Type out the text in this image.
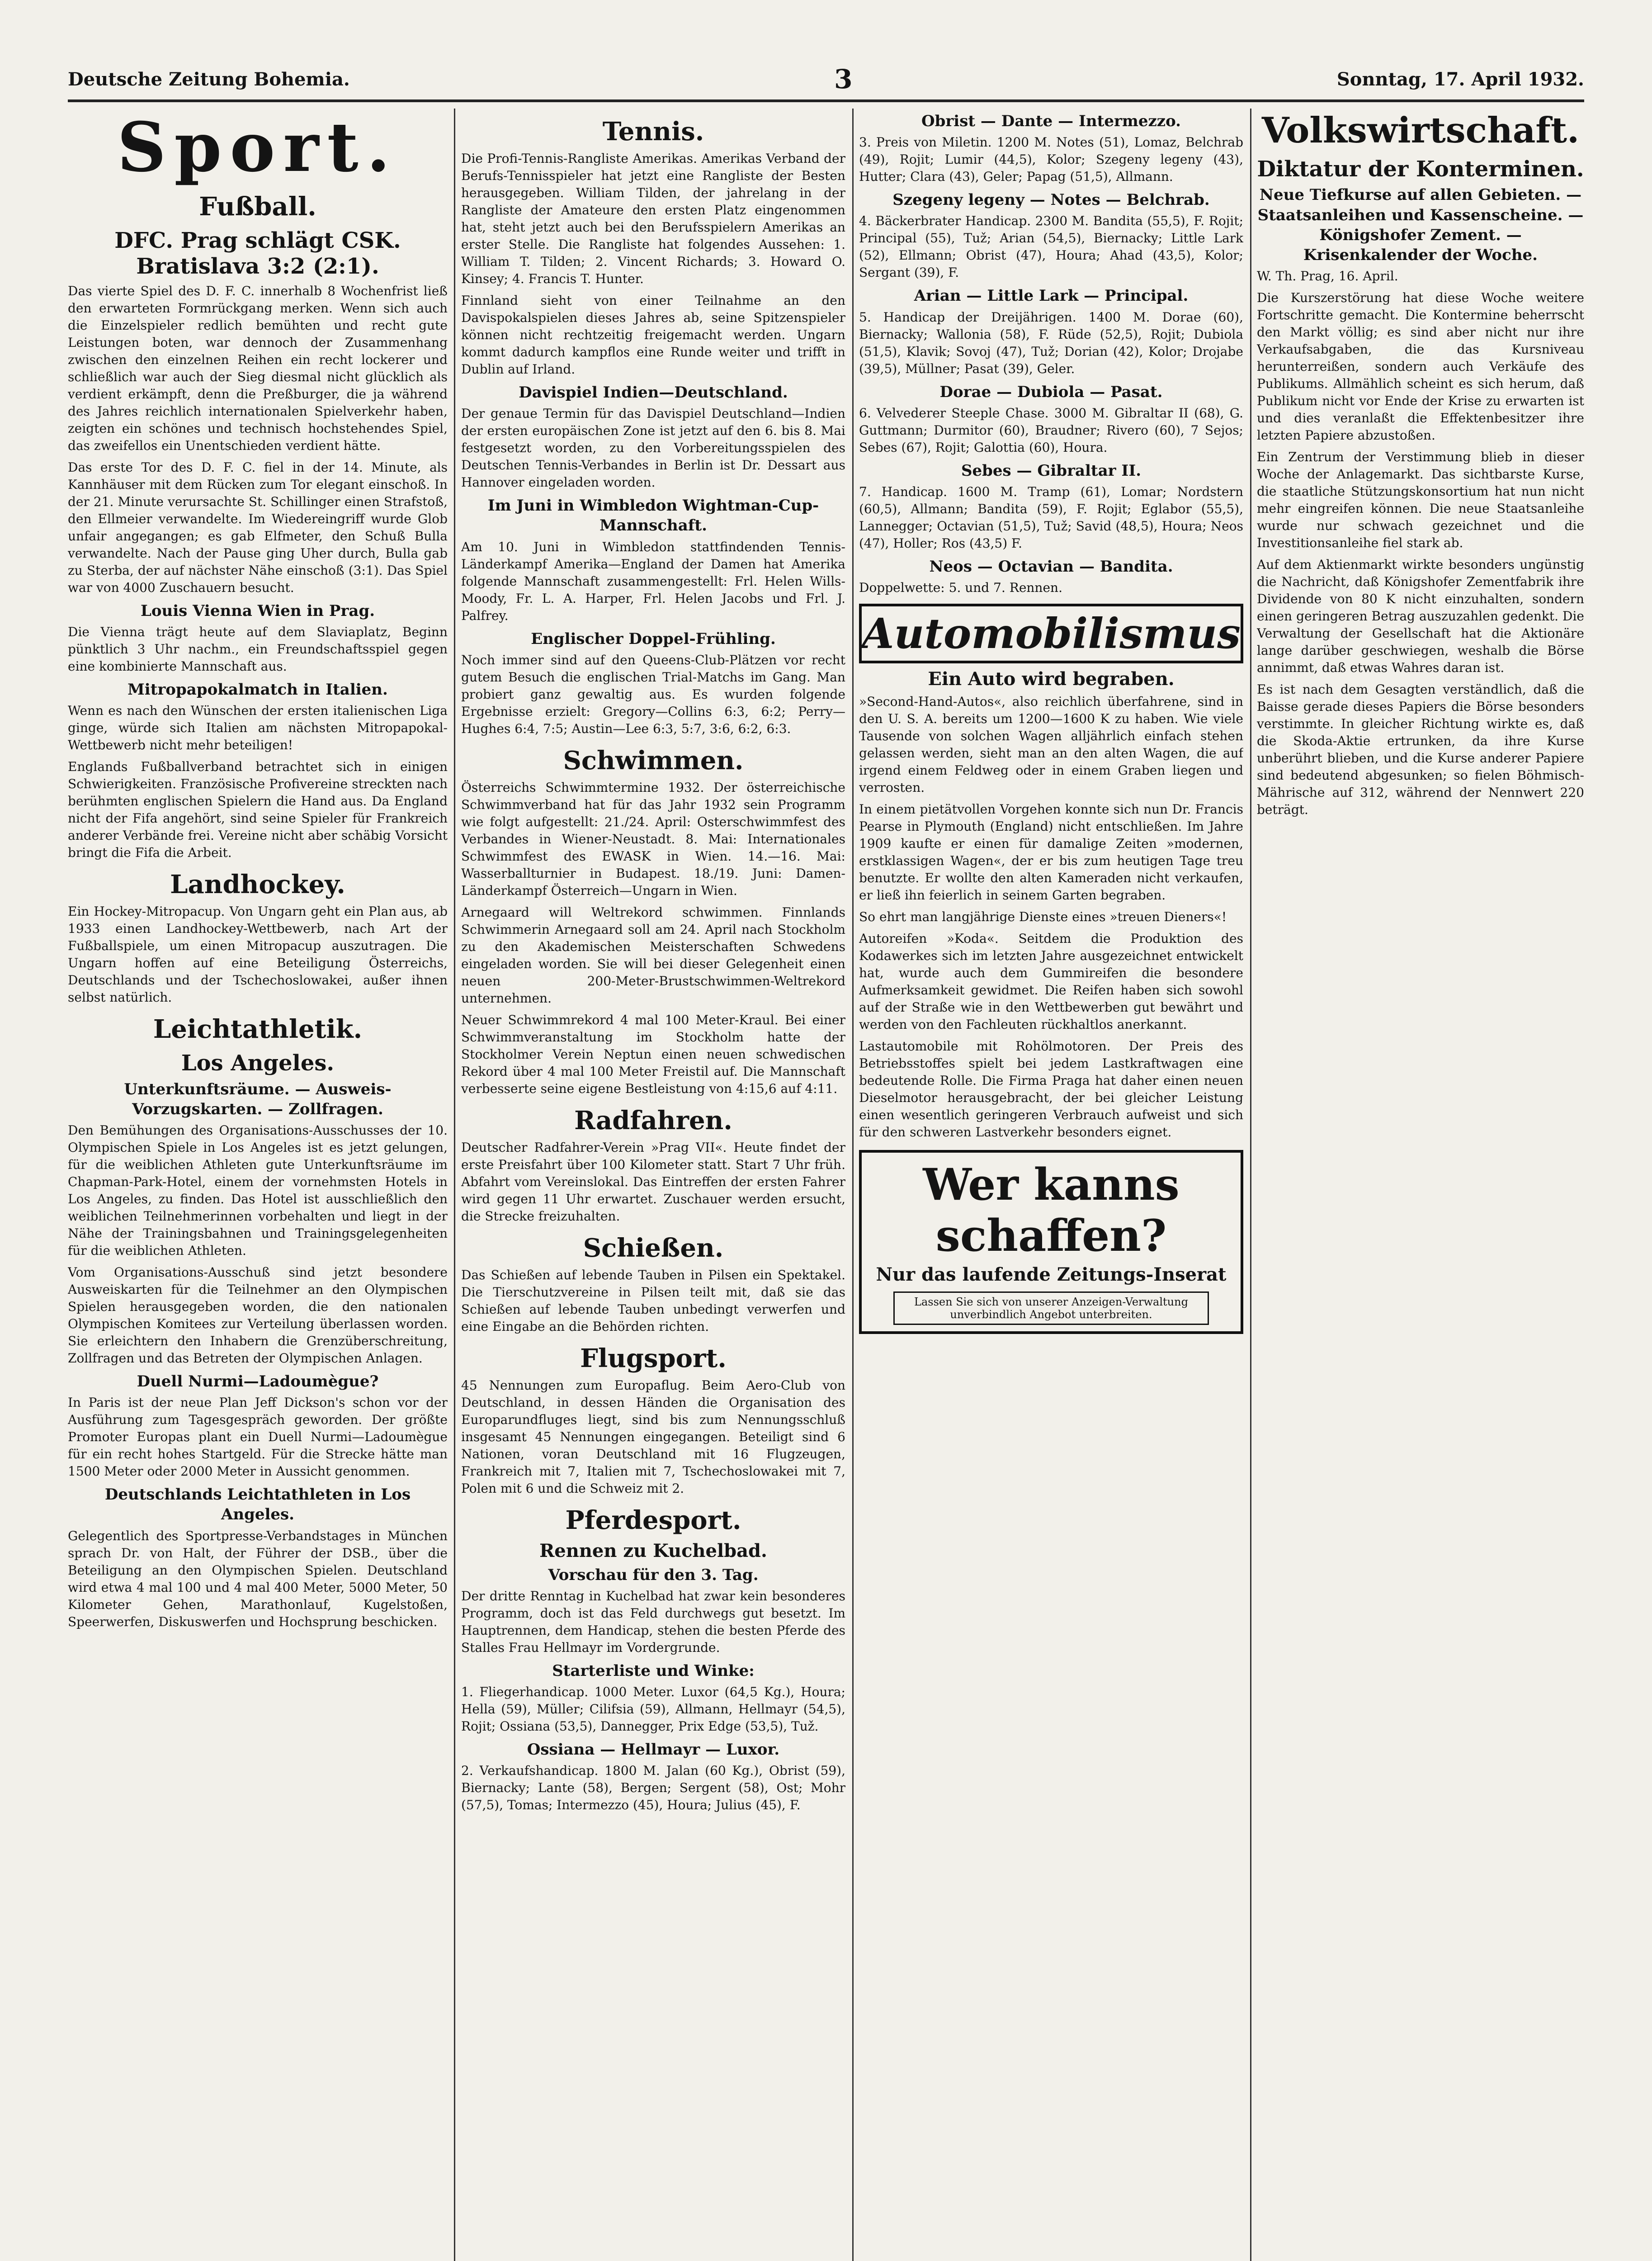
Deutsche Zeitung Bohemia.	3	Sonntag, 17. April 1932.
Sport.
Fußball.
DFC. Prag schlägt CSK. Bratislava 3:2 (2:1).

Das vierte Spiel des D. F. C. innerhalb 8 Wochenfrist ließ den erwarteten Formrückgang merken. Wenn sich auch die Einzelspieler redlich bemühten und recht gute Leistungen boten, war dennoch der Zusammenhang zwischen den einzelnen Reihen ein recht lockerer und schließlich war auch der Sieg diesmal nicht glücklich als verdient erkämpft, denn die Preßburger, die ja während des Jahres reichlich internationalen Spielverkehr haben, zeigten ein schönes und technisch hochstehendes Spiel, das zweifellos ein Unentschieden verdient hätte.

Das erste Tor des D. F. C. fiel in der 14. Minute, als Kannhäuser mit dem Rücken zum Tor elegant einschoß. In der 21. Minute verursachte St. Schillinger einen Strafstoß, den Ellmeier verwandelte. Im Wiedereingriff wurde Glob unfair angegangen; es gab Elfmeter, den Schuß Bulla verwandelte. Nach der Pause ging Uher durch, Bulla gab zu Sterba, der auf nächster Nähe einschoß (3:1). Das Spiel war von 4000 Zuschauern besucht.

Louis Vienna Wien in Prag.

Die Vienna trägt heute auf dem Slaviaplatz, Beginn pünktlich 3 Uhr nachm., ein Freundschaftsspiel gegen eine kombinierte Mannschaft aus.

Mitropapokalmatch in Italien.

Wenn es nach den Wünschen der ersten italienischen Liga ginge, würde sich Italien am nächsten Mitropapokal-Wettbewerb nicht mehr beteiligen!

Englands Fußballverband betrachtet sich in einigen Schwierigkeiten. Französische Profivereine streckten nach berühmten englischen Spielern die Hand aus. Da England nicht der Fifa angehört, sind seine Spieler für Frankreich anderer Verbände frei. Vereine nicht aber schäbig Vorsicht bringt die Fifa die Arbeit.

Landhockey.

Ein Hockey-Mitropacup. Von Ungarn geht ein Plan aus, ab 1933 einen Landhockey-Wettbewerb, nach Art der Fußballspiele, um einen Mitropacup auszutragen. Die Ungarn hoffen auf eine Beteiligung Österreichs, Deutschlands und der Tschechoslowakei, außer ihnen selbst natürlich.

Leichtathletik.
Los Angeles.
Unterkunftsräume. — Ausweis-Vorzugskarten. — Zollfragen.

Den Bemühungen des Organisations-Ausschusses der 10. Olympischen Spiele in Los Angeles ist es jetzt gelungen, für die weiblichen Athleten gute Unterkunftsräume im Chapman-Park-Hotel, einem der vornehmsten Hotels in Los Angeles, zu finden. Das Hotel ist ausschließlich den weiblichen Teilnehmerinnen vorbehalten und liegt in der Nähe der Trainingsbahnen und Trainingsgelegenheiten für die weiblichen Athleten.

Vom Organisations-Ausschuß sind jetzt besondere Ausweiskarten für die Teilnehmer an den Olympischen Spielen herausgegeben worden, die den nationalen Olympischen Komitees zur Verteilung überlassen worden. Sie erleichtern den Inhabern die Grenzüberschreitung, Zollfragen und das Betreten der Olympischen Anlagen.

Duell Nurmi—Ladoumègue?

In Paris ist der neue Plan Jeff Dickson's schon vor der Ausführung zum Tagesgespräch geworden. Der größte Promoter Europas plant ein Duell Nurmi—Ladoumègue für ein recht hohes Startgeld. Für die Strecke hätte man 1500 Meter oder 2000 Meter in Aussicht genommen.

Deutschlands Leichtathleten in Los Angeles.

Gelegentlich des Sportpresse-Verbandstages in München sprach Dr. von Halt, der Führer der DSB., über die Beteiligung an den Olympischen Spielen. Deutschland wird etwa 4 mal 100 und 4 mal 400 Meter, 5000 Meter, 50 Kilometer Gehen, Marathonlauf, Kugelstoßen, Speerwerfen, Diskuswerfen und Hochsprung beschicken.

Tennis.

Die Profi-Tennis-Rangliste Amerikas. Amerikas Verband der Berufs-Tennisspieler hat jetzt eine Rangliste der Besten herausgegeben. William Tilden, der jahrelang in der Rangliste der Amateure den ersten Platz eingenommen hat, steht jetzt auch bei den Berufsspielern Amerikas an erster Stelle. Die Rangliste hat folgendes Aussehen: 1. William T. Tilden; 2. Vincent Richards; 3. Howard O. Kinsey; 4. Francis T. Hunter.

Finnland sieht von einer Teilnahme an den Davispokalspielen dieses Jahres ab, seine Spitzenspieler können nicht rechtzeitig freigemacht werden. Ungarn kommt dadurch kampflos eine Runde weiter und trifft in Dublin auf Irland.

Davispiel Indien—Deutschland.

Der genaue Termin für das Davispiel Deutschland—Indien der ersten europäischen Zone ist jetzt auf den 6. bis 8. Mai festgesetzt worden, zu den Vorbereitungsspielen des Deutschen Tennis-Verbandes in Berlin ist Dr. Dessart aus Hannover eingeladen worden.

Im Juni in Wimbledon Wightman-Cup-Mannschaft.

Am 10. Juni in Wimbledon stattfindenden Tennis-Länderkampf Amerika—England der Damen hat Amerika folgende Mannschaft zusammengestellt: Frl. Helen Wills-Moody, Fr. L. A. Harper, Frl. Helen Jacobs und Frl. J. Palfrey.

Englischer Doppel-Frühling.

Noch immer sind auf den Queens-Club-Plätzen vor recht gutem Besuch die englischen Trial-Matchs im Gang. Man probiert ganz gewaltig aus. Es wurden folgende Ergebnisse erzielt: Gregory—Collins 6:3, 6:2; Perry—Hughes 6:4, 7:5; Austin—Lee 6:3, 5:7, 3:6, 6:2, 6:3.

Schwimmen.

Österreichs Schwimmtermine 1932. Der österreichische Schwimmverband hat für das Jahr 1932 sein Programm wie folgt aufgestellt: 21./24. April: Osterschwimmfest des Verbandes in Wiener-Neustadt. 8. Mai: Internationales Schwimmfest des EWASK in Wien. 14.—16. Mai: Wasserballturnier in Budapest. 18./19. Juni: Damen-Länderkampf Österreich—Ungarn in Wien.

Arnegaard will Weltrekord schwimmen. Finnlands Schwimmerin Arnegaard soll am 24. April nach Stockholm zu den Akademischen Meisterschaften Schwedens eingeladen worden. Sie will bei dieser Gelegenheit einen neuen 200-Meter-Brustschwimmen-Weltrekord unternehmen.

Neuer Schwimmrekord 4 mal 100 Meter-Kraul. Bei einer Schwimmveranstaltung im Stockholm hatte der Stockholmer Verein Neptun einen neuen schwedischen Rekord über 4 mal 100 Meter Freistil auf. Die Mannschaft verbesserte seine eigene Bestleistung von 4:15,6 auf 4:11.

Radfahren.

Deutscher Radfahrer-Verein »Prag VII«. Heute findet der erste Preisfahrt über 100 Kilometer statt. Start 7 Uhr früh. Abfahrt vom Vereinslokal. Das Eintreffen der ersten Fahrer wird gegen 11 Uhr erwartet. Zuschauer werden ersucht, die Strecke freizuhalten.

Schießen.

Das Schießen auf lebende Tauben in Pilsen ein Spektakel. Die Tierschutzvereine in Pilsen teilt mit, daß sie das Schießen auf lebende Tauben unbedingt verwerfen und eine Eingabe an die Behörden richten.

Flugsport.

45 Nennungen zum Europaflug. Beim Aero-Club von Deutschland, in dessen Händen die Organisation des Europarundfluges liegt, sind bis zum Nennungsschluß insgesamt 45 Nennungen eingegangen. Beteiligt sind 6 Nationen, voran Deutschland mit 16 Flugzeugen, Frankreich mit 7, Italien mit 7, Tschechoslowakei mit 7, Polen mit 6 und die Schweiz mit 2.

Pferdesport.
Rennen zu Kuchelbad.
Vorschau für den 3. Tag.

Der dritte Renntag in Kuchelbad hat zwar kein besonderes Programm, doch ist das Feld durchwegs gut besetzt. Im Hauptrennen, dem Handicap, stehen die besten Pferde des Stalles Frau Hellmayr im Vordergrunde.

Starterliste und Winke:

1. Fliegerhandicap. 1000 Meter. Luxor (64,5 Kg.), Houra; Hella (59), Müller; Cilifsia (59), Allmann, Hellmayr (54,5), Rojit; Ossiana (53,5), Dannegger, Prix Edge (53,5), Tuž.

Ossiana — Hellmayr — Luxor.

2. Verkaufshandicap. 1800 M. Jalan (60 Kg.), Obrist (59), Biernacky; Lante (58), Bergen; Sergent (58), Ost; Mohr (57,5), Tomas; Intermezzo (45), Houra; Julius (45), F.

Obrist — Dante — Intermezzo.

3. Preis von Miletin. 1200 M. Notes (51), Lomaz, Belchrab (49), Rojit; Lumir (44,5), Kolor; Szegeny legeny (43), Hutter; Clara (43), Geler; Papag (51,5), Allmann.

Szegeny legeny — Notes — Belchrab.

4. Bäckerbrater Handicap. 2300 M. Bandita (55,5), F. Rojit; Principal (55), Tuž; Arian (54,5), Biernacky; Little Lark (52), Ellmann; Obrist (47), Houra; Ahad (43,5), Kolor; Sergant (39), F.

Arian — Little Lark — Principal.

5. Handicap der Dreijährigen. 1400 M. Dorae (60), Biernacky; Wallonia (58), F. Rüde (52,5), Rojit; Dubiola (51,5), Klavik; Sovoj (47), Tuž; Dorian (42), Kolor; Drojabe (39,5), Müllner; Pasat (39), Geler.

Dorae — Dubiola — Pasat.

6. Velvederer Steeple Chase. 3000 M. Gibraltar II (68), G. Guttmann; Durmitor (60), Braudner; Rivero (60), 7 Sejos; Sebes (67), Rojit; Galottia (60), Houra.

Sebes — Gibraltar II.

7. Handicap. 1600 M. Tramp (61), Lomar; Nordstern (60,5), Allmann; Bandita (59), F. Rojit; Eglabor (55,5), Lannegger; Octavian (51,5), Tuž; Savid (48,5), Houra; Neos (47), Holler; Ros (43,5) F.

Neos — Octavian — Bandita.

Doppelwette: 5. und 7. Rennen.

Automobilismus
Ein Auto wird begraben.

»Second-Hand-Autos«, also reichlich überfahrene, sind in den U. S. A. bereits um 1200—1600 K zu haben. Wie viele Tausende von solchen Wagen alljährlich einfach stehen gelassen werden, sieht man an den alten Wagen, die auf irgend einem Feldweg oder in einem Graben liegen und verrosten.

In einem pietätvollen Vorgehen konnte sich nun Dr. Francis Pearse in Plymouth (England) nicht entschließen. Im Jahre 1909 kaufte er einen für damalige Zeiten »modernen, erstklassigen Wagen«, der er bis zum heutigen Tage treu benutzte. Er wollte den alten Kameraden nicht verkaufen, er ließ ihn feierlich in seinem Garten begraben.

So ehrt man langjährige Dienste eines »treuen Dieners«!

Autoreifen »Koda«. Seitdem die Produktion des Kodawerkes sich im letzten Jahre ausgezeichnet entwickelt hat, wurde auch dem Gummireifen die besondere Aufmerksamkeit gewidmet. Die Reifen haben sich sowohl auf der Straße wie in den Wettbewerben gut bewährt und werden von den Fachleuten rückhaltlos anerkannt.

Lastautomobile mit Rohölmotoren. Der Preis des Betriebsstoffes spielt bei jedem Lastkraftwagen eine bedeutende Rolle. Die Firma Praga hat daher einen neuen Dieselmotor herausgebracht, der bei gleicher Leistung einen wesentlich geringeren Verbrauch aufweist und sich für den schweren Lastverkehr besonders eignet.

Wer kanns schaffen?
Nur das laufende Zeitungs-Inserat
Lassen Sie sich von unserer Anzeigen-Verwaltung unverbindlich Angebot unterbreiten.
Volkswirtschaft.
Diktatur der Konterminen.
Neue Tiefkurse auf allen Gebieten. — Staatsanleihen und Kassenscheine. — Königshofer Zement. — Krisenkalender der Woche.

W. Th. Prag, 16. April.

Die Kurszerstörung hat diese Woche weitere Fortschritte gemacht. Die Kontermine beherrscht den Markt völlig; es sind aber nicht nur ihre Verkaufsabgaben, die das Kursniveau herunterreißen, sondern auch Verkäufe des Publikums. Allmählich scheint es sich herum, daß Publikum nicht vor Ende der Krise zu erwarten ist und dies veranlaßt die Effektenbesitzer ihre letzten Papiere abzustoßen.

Ein Zentrum der Verstimmung blieb in dieser Woche der Anlagemarkt. Das sichtbarste Kurse, die staatliche Stützungskonsortium hat nun nicht mehr eingreifen können. Die neue Staatsanleihe wurde nur schwach gezeichnet und die Investitionsanleihe fiel stark ab.

Auf dem Aktienmarkt wirkte besonders ungünstig die Nachricht, daß Königshofer Zementfabrik ihre Dividende von 80 K nicht einzuhalten, sondern einen geringeren Betrag auszuzahlen gedenkt. Die Verwaltung der Gesellschaft hat die Aktionäre lange darüber geschwiegen, weshalb die Börse annimmt, daß etwas Wahres daran ist.

Es ist nach dem Gesagten verständlich, daß die Baisse gerade dieses Papiers die Börse besonders verstimmte. In gleicher Richtung wirkte es, daß die Skoda-Aktie ertrunken, da ihre Kurse unberührt blieben, und die Kurse anderer Papiere sind bedeutend abgesunken; so fielen Böhmisch-Mährische auf 312, während der Nennwert 220 beträgt.
